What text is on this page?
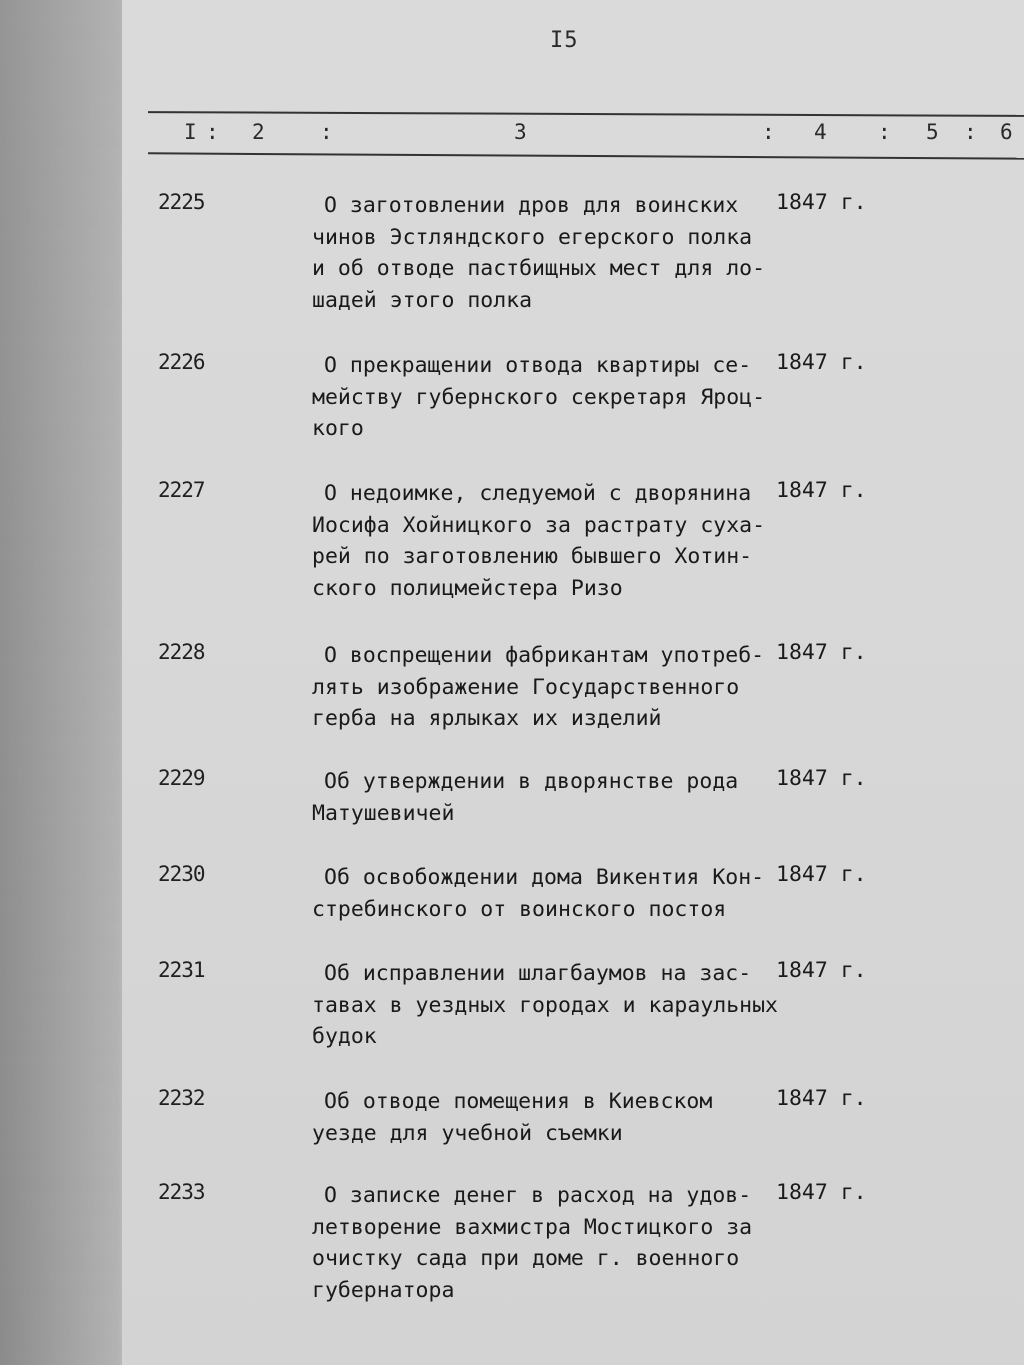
I5
I : 2	:	3	: 4 : 5 : 6
2225	О заготовлении дров для воинских
чинов Эстляндского егерского полка
и об отводе пастбищных мест для ло-
шадей этого полка
1847 г.
2226	О прекращении отвода квартиры се-
мейству губернского секретаря Яроц-
кого
1847 г.
2227	О недоимке, следуемой с дворянина
Иосифа Хойницкого за растрату суха-
рей по заготовлению бывшего Хотин-
ского полицмейстера Ризо
1847 г.
2228	О воспрещении фабрикантам употреб-
лять изображение Государственного
герба на ярлыках их изделий
1847 г.
2229	Об утверждении в дворянстве рода
Матушевичей
1847 г.
2230	Об освобождении дома Викентия Кон-
стребинского от воинского постоя
1847 г.
2231	Об исправлении шлагбаумов на зас-
тавах в уездных городах и караульных
будок
1847 г.
2232	Об отводе помещения в Киевском
уезде для учебной съемки
1847 г.
2233	О записке денег в расход на удов-
летворение вахмистра Мостицкого за
очистку сада при доме г. военного
губернатора
1847 г.
